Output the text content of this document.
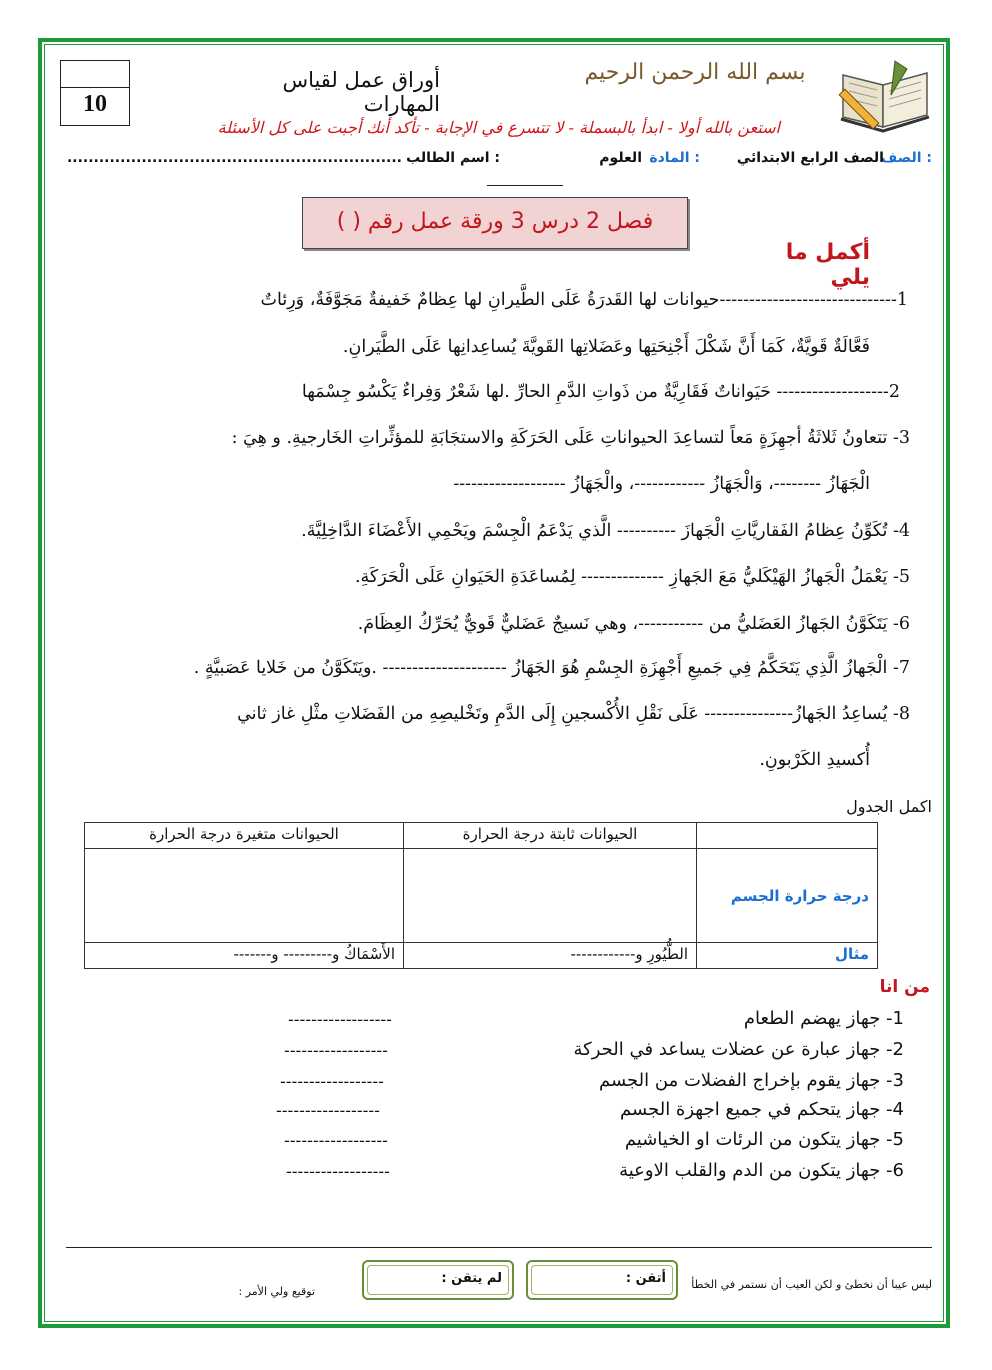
10
أوراق عمل لقياس المهارات
بسم الله الرحمن الرحيم
استعن بالله أولا - ابدأ بالبسملة - لا تتسرع في الإجابة - تأكد أنك أجبت على كل الأسئلة
الصف :
الصف الرابع الابتدائي
المادة :
العلوم
اسم الطالب :
...............................................................
فصل 2 درس 3 ورقة عمل رقم ( )
أكمل ما يلي
1------------------------------حيوانات لها القَدرَةُ عَلَى الطَّيرانِ لها عِظامٌ خَفيفةٌ مَجَوَّفَةٌ، وَرِئاتٌ
فَعَّالَةٌ قَويَّةٌ، كَمَا أَنَّ شَكْلَ أَجْنِحَتِها وعَضَلاتِها القَويَّةَ يُساعِدانِها عَلَى الطَّيَرانِ.
2------------------- حَيَواناتٌ فَقَارِيَّةٌ من ذَواتِ الدَّمِ الحارِّ .لها شَعْرٌ وَفِراءٌ يَكْسُو جِسْمَها
3- تتعاونُ ثَلاثَةُ أجهِزَةٍ مَعاً لتساعِدَ الحيواناتِ عَلَى الحَرَكَةِ والاستجَابَةِ للمؤثِّراتِ الخَارجيةِ. و هِيَ :
الْجَهَازُ --------، وَالْجَهَازُ ------------، والْجَهَازُ -------------------
4- تُكَوِّنُ عِظامُ الفَقاريَّاتِ الْجَهازَ ---------- الَّذي يَدْعَمُ الْجِسْمَ ويَحْمِي الأَعْضَاءَ الدَّاخِلِيَّةَ.
5- يَعْمَلُ الْجَهازُ الهَيْكَليُّ مَعَ الجَهازِ -------------- لِمُساعَدَةِ الحَيَوانِ عَلَى الْحَرَكَةِ.
6- يَتَكَوَّنُ الجَهازُ العَضَليُّ من -----------، وهي نَسيجٌ عَضَليٌّ قَويٌّ يُحَرِّكُ العِظَامَ.
7- الْجَهازُ الَّذِي يَتَحَكَّمُ فِي جَميعِ أَجْهِزَةِ الجِسْمِ هُوَ الجَهَازُ --------------------- .ويَتَكَوَّنُ من خَلايا عَصَبيَّةٍ .
8- يُساعِدُ الجَهازُ--------------- عَلَى نَقْلِ الأُكْسجينِ إِلَى الدَّمِ وتَخْليصِهِ من الفَضَلاتِ مثْلِ غاز ثاني
أُكسيدِ الكَرْبونِ.
اكمل الجدول
	الحيوانات ثابتة درجة الحرارة	الحيوانات متغيرة درجة الحرارة
درجة حرارة الجسم		
مثال	الطُّيُورِ و------------	الأَسْمَاكُ و--------- و-------
من انا
1- جهاز يهضم الطعام
2- جهاز عبارة عن عضلات يساعد في الحركة
3- جهاز يقوم بإخراج الفضلات من الجسم
4- جهاز يتحكم في جميع اجهزة الجسم
5- جهاز يتكون من الرئات او الخياشيم
6- جهاز يتكون من الدم والقلب الاوعية
------------------
------------------
------------------
------------------
------------------
------------------
ليس عيبا أن نخطئ و لكن العيب أن نستمر في الخطأ
أتقن :
لم يتقن :
توقيع ولي الأمر :
